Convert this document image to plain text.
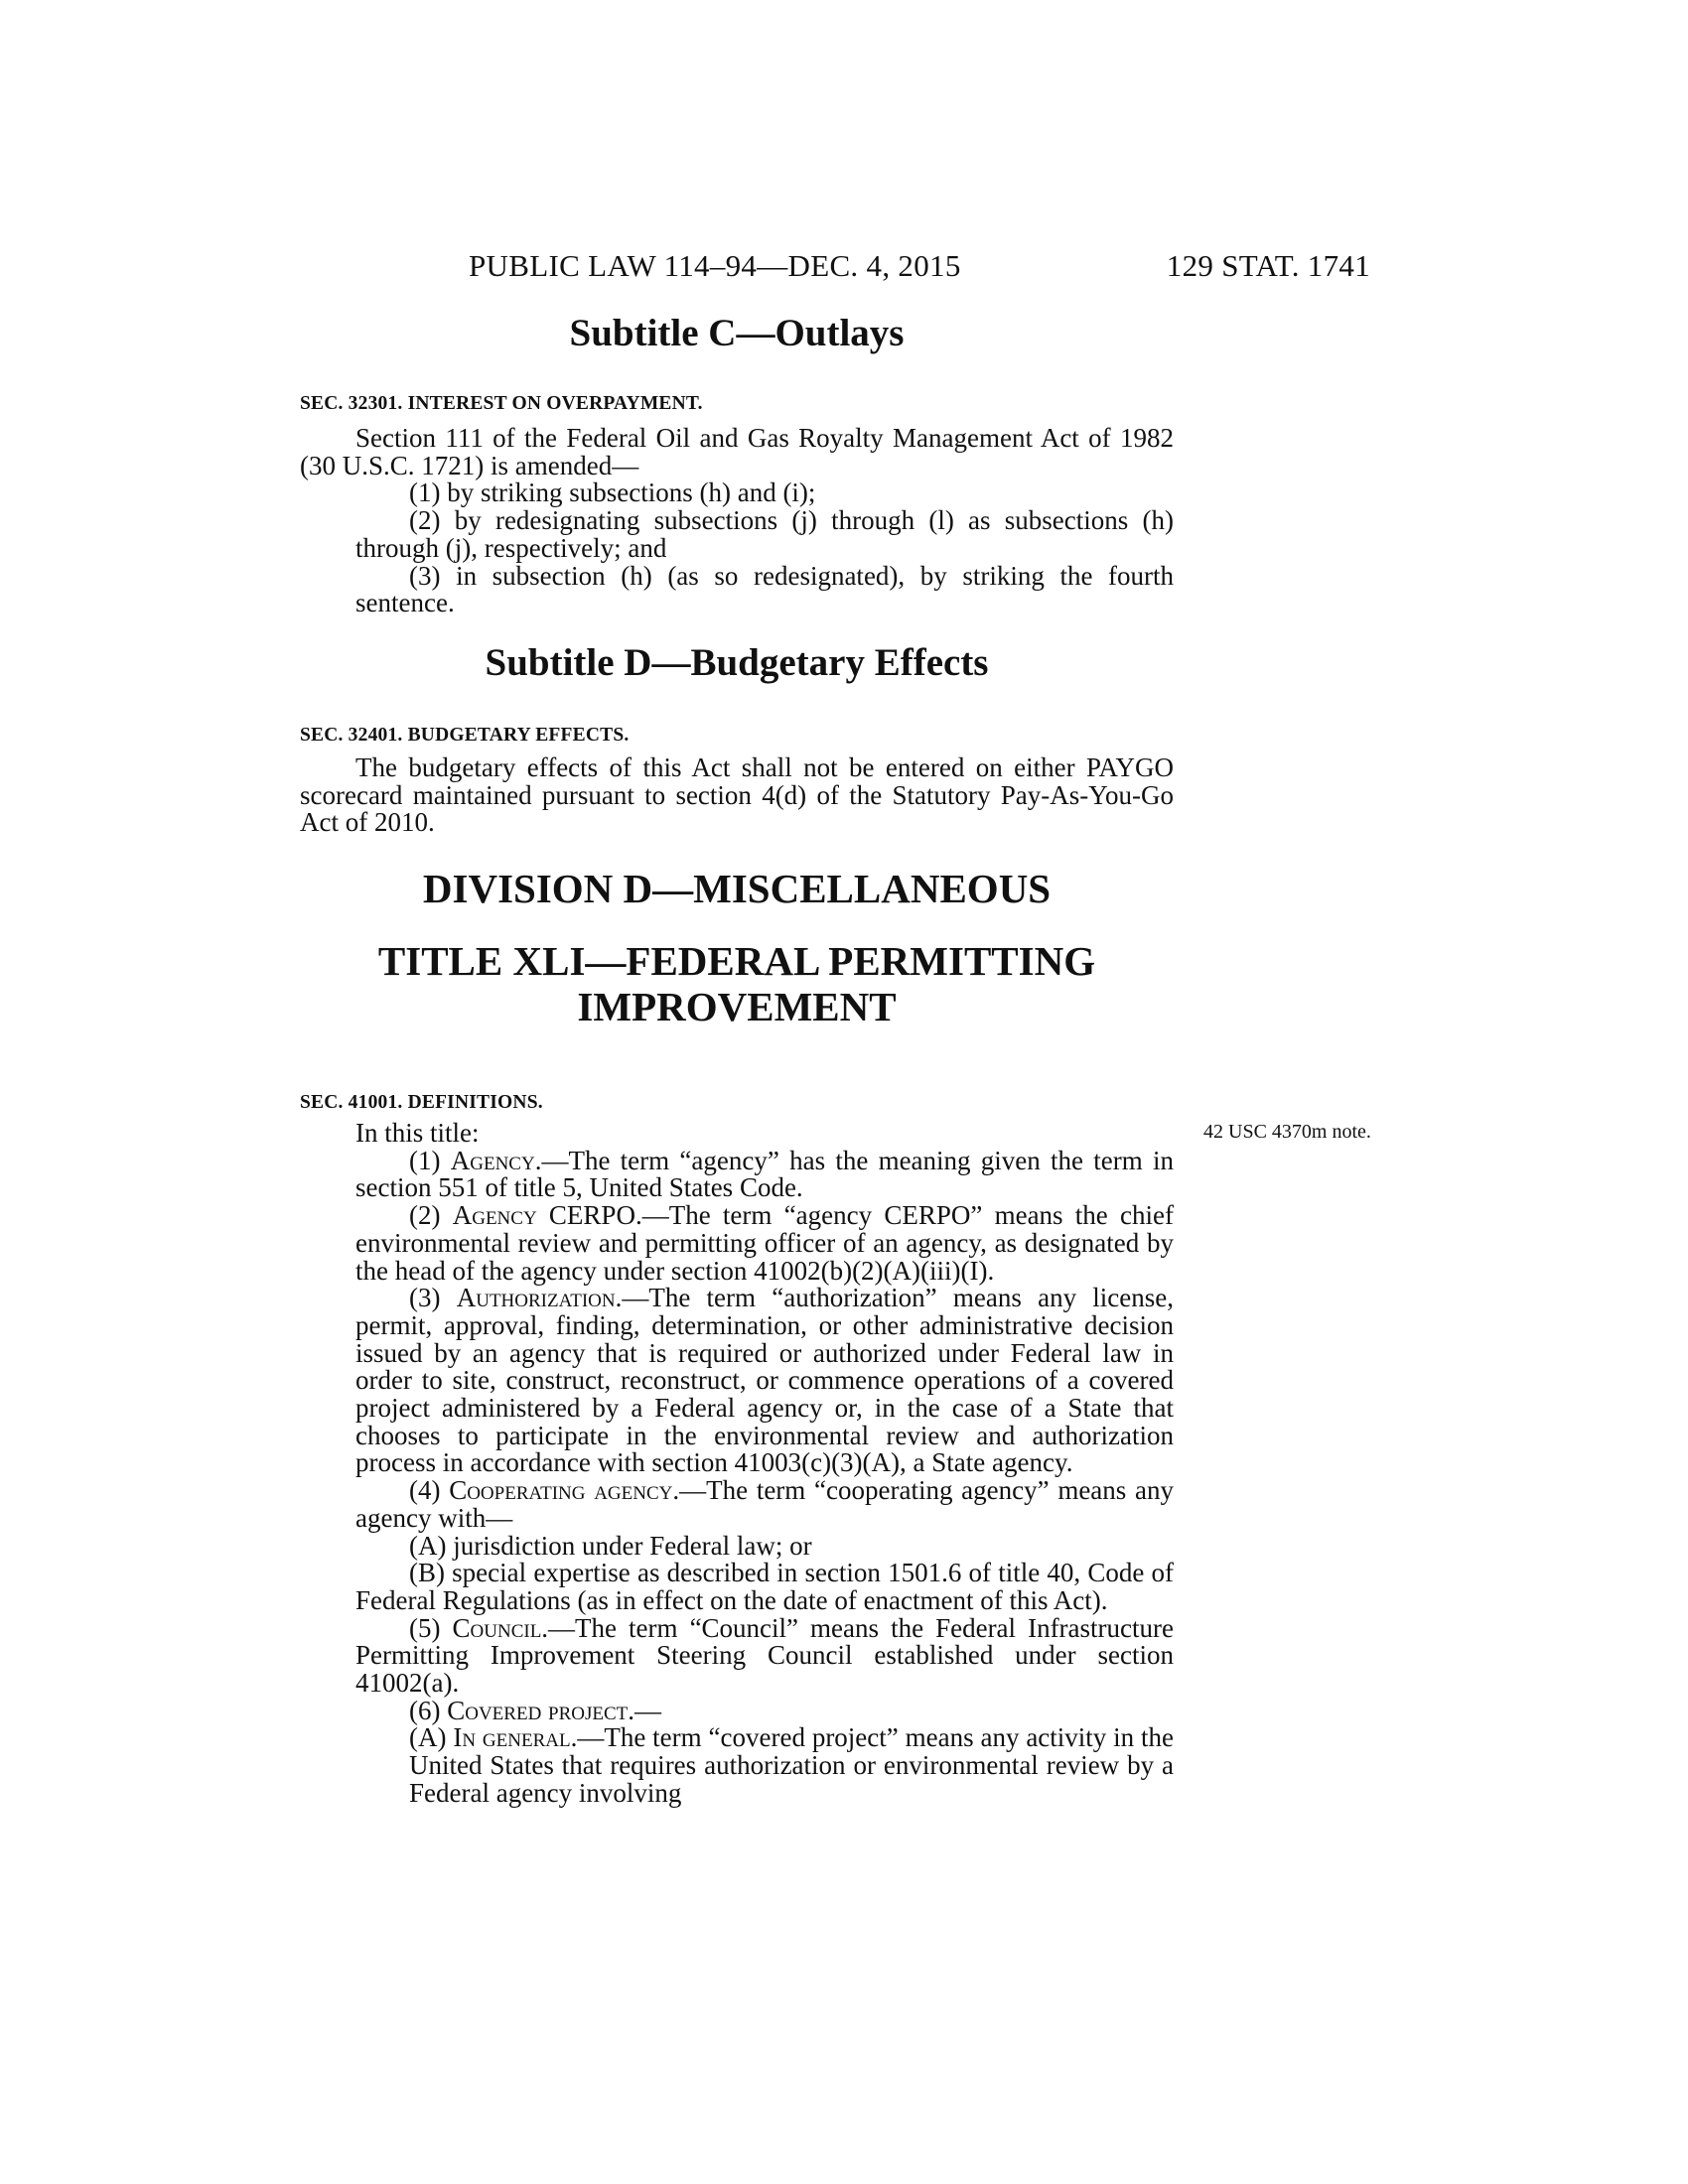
PUBLIC LAW 114–94—DEC. 4, 2015	129 STAT. 1741
Subtitle C—Outlays
SEC. 32301. INTEREST ON OVERPAYMENT.

Section 111 of the Federal Oil and Gas Royalty Management Act of 1982 (30 U.S.C. 1721) is amended—

(1) by striking subsections (h) and (i);

(2) by redesignating subsections (j) through (l) as subsections (h) through (j), respectively; and

(3) in subsection (h) (as so redesignated), by striking the fourth sentence.

Subtitle D—Budgetary Effects
SEC. 32401. BUDGETARY EFFECTS.

The budgetary effects of this Act shall not be entered on either PAYGO scorecard maintained pursuant to section 4(d) of the Statutory Pay-As-You-Go Act of 2010.

DIVISION D—MISCELLANEOUS
TITLE XLI—FEDERAL PERMITTING
IMPROVEMENT
SEC. 41001. DEFINITIONS.
42 USC 4370m note.

In this title:

(1) Agency.—The term “agency” has the meaning given the term in section 551 of title 5, United States Code.

(2) Agency CERPO.—The term “agency CERPO” means the chief environmental review and permitting officer of an agency, as designated by the head of the agency under section 41002(b)(2)(A)(iii)(I).

(3) Authorization.—The term “authorization” means any license, permit, approval, finding, determination, or other administrative decision issued by an agency that is required or authorized under Federal law in order to site, construct, reconstruct, or commence operations of a covered project administered by a Federal agency or, in the case of a State that chooses to participate in the environmental review and authorization process in accordance with section 41003(c)(3)(A), a State agency.

(4) Cooperating agency.—The term “cooperating agency” means any agency with—

(A) jurisdiction under Federal law; or

(B) special expertise as described in section 1501.6 of title 40, Code of Federal Regulations (as in effect on the date of enactment of this Act).

(5) Council.—The term “Council” means the Federal Infrastructure Permitting Improvement Steering Council established under section 41002(a).

(6) Covered project.—

(A) In general.—The term “covered project” means any activity in the United States that requires authorization or environmental review by a Federal agency involving
